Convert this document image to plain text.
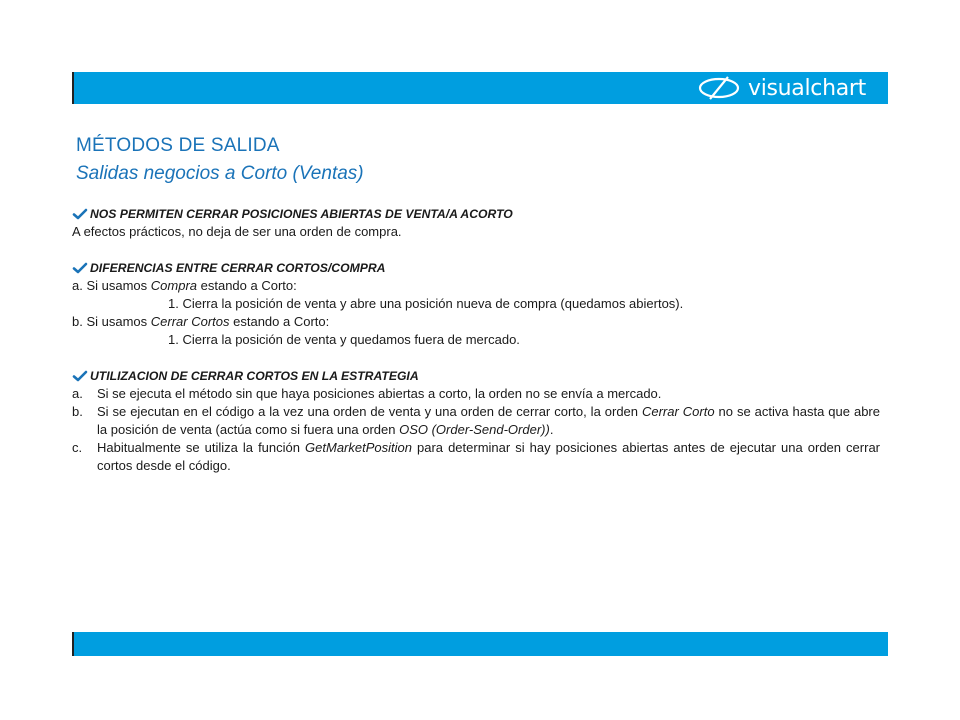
visualchart
MÉTODOS DE SALIDA
Salidas negocios a Corto (Ventas)
NOS PERMITEN CERRAR POSICIONES ABIERTAS DE VENTA/A ACORTO
A efectos prácticos, no deja de ser una orden de compra.
DIFERENCIAS ENTRE CERRAR CORTOS/COMPRA
a. Si usamos Compra estando a Corto:
1. Cierra la posición de venta y abre una posición nueva de compra (quedamos abiertos).
b. Si usamos Cerrar Cortos estando a Corto:
1. Cierra la posición de venta y quedamos fuera de mercado.
UTILIZACION DE CERRAR CORTOS EN LA ESTRATEGIA
a.	Si se ejecuta el método sin que haya posiciones abiertas a corto, la orden no se envía a mercado.
b.	Si se ejecutan en el código a la vez una orden de venta y una orden de cerrar corto, la orden Cerrar Corto no se activa hasta que abre la posición de venta (actúa como si fuera una orden OSO (Order-Send-Order)).
c.	Habitualmente se utiliza la función GetMarketPosition para determinar si hay posiciones abiertas antes de ejecutar una orden cerrar cortos desde el código.
